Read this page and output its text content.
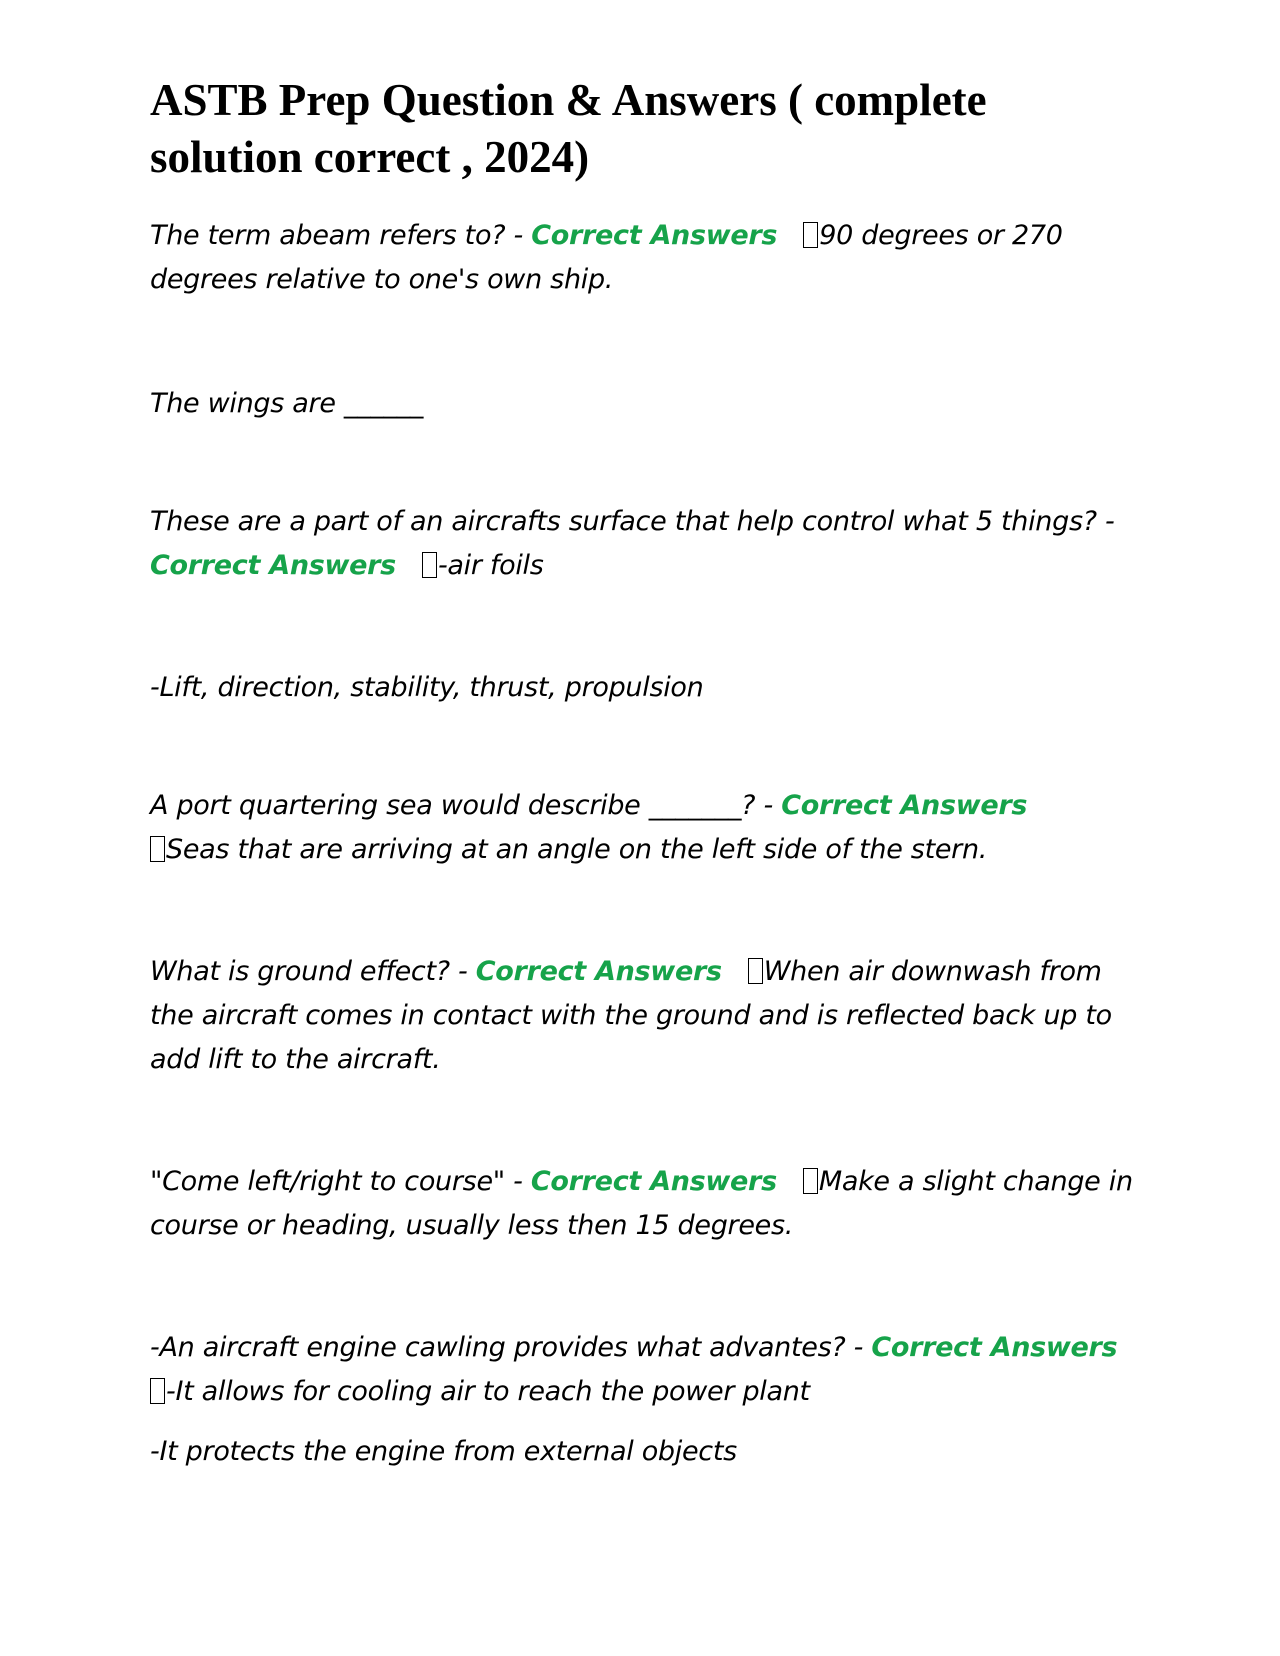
ASTB Prep Question & Answers ( complete solution correct , 2024)

The term abeam refers to? - Correct Answers 90 degrees or 270 degrees relative to one's own ship.

The wings are ______

These are a part of an aircrafts surface that help control what 5 things? - Correct Answers -air foils

-Lift, direction, stability, thrust, propulsion

A port quartering sea would describe _______? - Correct Answers
Seas that are arriving at an angle on the left side of the stern.

What is ground effect? - Correct Answers When air downwash from the aircraft comes in contact with the ground and is reflected back up to add lift to the aircraft.

"Come left/right to course" - Correct Answers Make a slight change in course or heading, usually less then 15 degrees.

-An aircraft engine cawling provides what advantes? - Correct Answers
-It allows for cooling air to reach the power plant

-It protects the engine from external objects
